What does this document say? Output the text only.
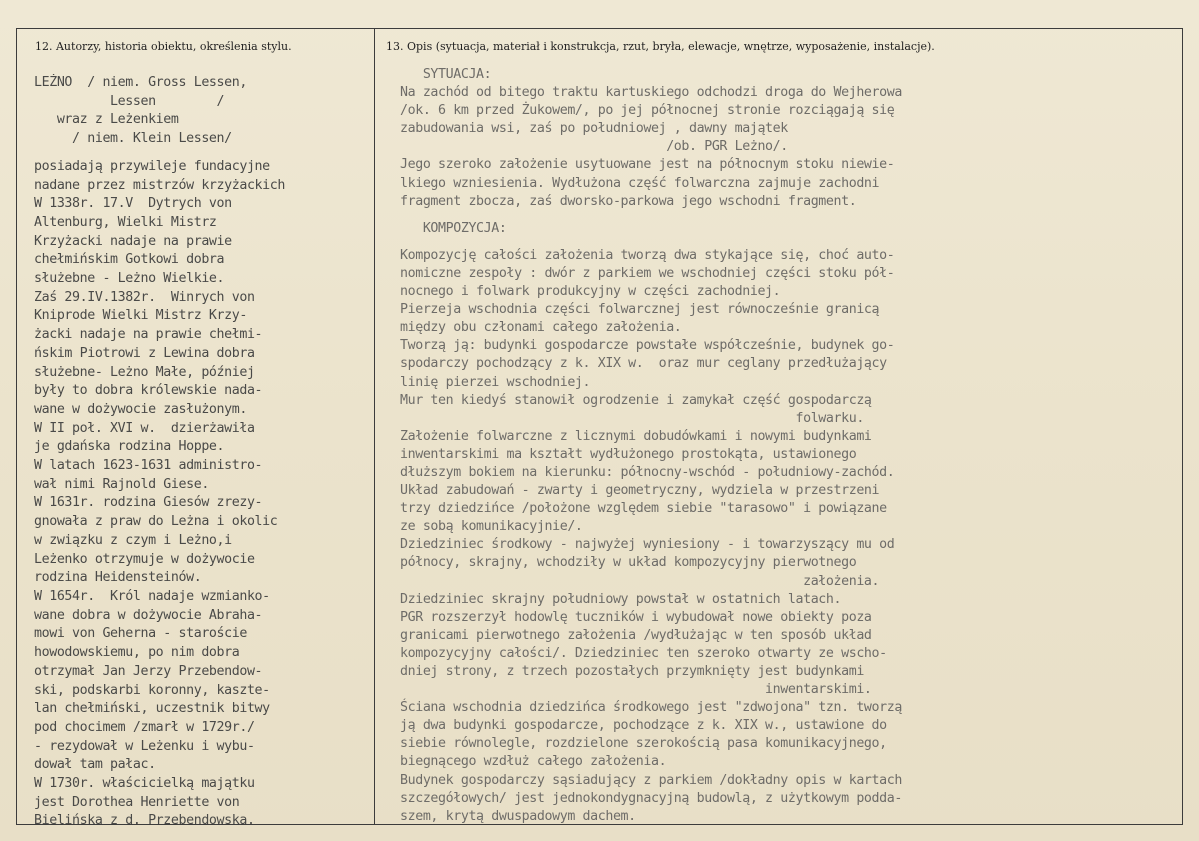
12. Autorzy, historia obiektu, określenia stylu.	13. Opis (sytuacja, materiał i konstrukcja, rzut, bryła, elewacje, wnętrze, wyposażenie, instalacje).
LEŻNO  / niem. Gross Lessen,
Lessen        /
wraz z Leżenkiem
/ niem. Klein Lessen/
posiadają przywileje fundacyjne
nadane przez mistrzów krzyżackich
W 1338r. 17.V  Dytrych von
Altenburg, Wielki Mistrz
Krzyżacki nadaje na prawie
chełmińskim Gotkowi dobra
służebne - Leżno Wielkie.
Zaś 29.IV.1382r.  Winrych von
Kniprode Wielki Mistrz Krzy-
żacki nadaje na prawie chełmi-
ńskim Piotrowi z Lewina dobra
służebne- Leżno Małe, później
były to dobra królewskie nada-
wane w dożywocie zasłużonym.
W II poł. XVI w.  dzierżawiła
je gdańska rodzina Hoppe.
W latach 1623-1631 administro-
wał nimi Rajnold Giese.
W 1631r. rodzina Giesów zrezy-
gnowała z praw do Leżna i okolic
w związku z czym i Leżno,i
Leżenko otrzymuje w dożywocie
rodzina Heidensteinów.
W 1654r.  Król nadaje wzmianko-
wane dobra w dożywocie Abraha-
mowi von Geherna - staroście
howodowskiemu, po nim dobra
otrzymał Jan Jerzy Przebendow-
ski, podskarbi koronny, kaszte-
lan chełmiński, uczestnik bitwy
pod chocimem /zmarł w 1729r./
- rezydował w Leżenku i wybu-
dował tam pałac.
W 1730r. właścicielką majątku
jest Dorothea Henriette von
Bielińska z d. Przebendowska.
SYTUACJA:
Na zachód od bitego traktu kartuskiego odchodzi droga do Wejherowa
/ok. 6 km przed Żukowem/, po jej północnej stronie rozciągają się
zabudowania wsi, zaś po południowej , dawny majątek
/ob. PGR Leżno/.
Jego szeroko założenie usytuowane jest na północnym stoku niewie-
lkiego wzniesienia. Wydłużona część folwarczna zajmuje zachodni
fragment zbocza, zaś dworsko-parkowa jego wschodni fragment.
KOMPOZYCJA:
Kompozycję całości założenia tworzą dwa stykające się, choć auto-
nomiczne zespoły : dwór z parkiem we wschodniej części stoku pół-
nocnego i folwark produkcyjny w części zachodniej.
Pierzeja wschodnia części folwarcznej jest równocześnie granicą
między obu członami całego założenia.
Tworzą ją: budynki gospodarcze powstałe współcześnie, budynek go-
spodarczy pochodzący z k. XIX w.  oraz mur ceglany przedłużający
linię pierzei wschodniej.
Mur ten kiedyś stanowił ogrodzenie i zamykał część gospodarczą
folwarku.
Założenie folwarczne z licznymi dobudówkami i nowymi budynkami
inwentarskimi ma kształt wydłużonego prostokąta, ustawionego
dłuższym bokiem na kierunku: północny-wschód - południowy-zachód.
Układ zabudowań - zwarty i geometryczny, wydziela w przestrzeni
trzy dziedzińce /położone względem siebie "tarasowo" i powiązane
ze sobą komunikacyjnie/.
Dziedziniec środkowy - najwyżej wyniesiony - i towarzyszący mu od
północy, skrajny, wchodziły w układ kompozycyjny pierwotnego
założenia.
Dziedziniec skrajny południowy powstał w ostatnich latach.
PGR rozszerzył hodowlę tuczników i wybudował nowe obiekty poza
granicami pierwotnego założenia /wydłużając w ten sposób układ
kompozycyjny całości/. Dziedziniec ten szeroko otwarty ze wscho-
dniej strony, z trzech pozostałych przymknięty jest budynkami
inwentarskimi.
Ściana wschodnia dziedzińca środkowego jest "zdwojona" tzn. tworzą
ją dwa budynki gospodarcze, pochodzące z k. XIX w., ustawione do
siebie równolegle, rozdzielone szerokością pasa komunikacyjnego,
biegnącego wzdłuż całego założenia.
Budynek gospodarczy sąsiadujący z parkiem /dokładny opis w kartach
szczegółowych/ jest jednokondygnacyjną budowlą, z użytkowym podda-
szem, krytą dwuspadowym dachem.
